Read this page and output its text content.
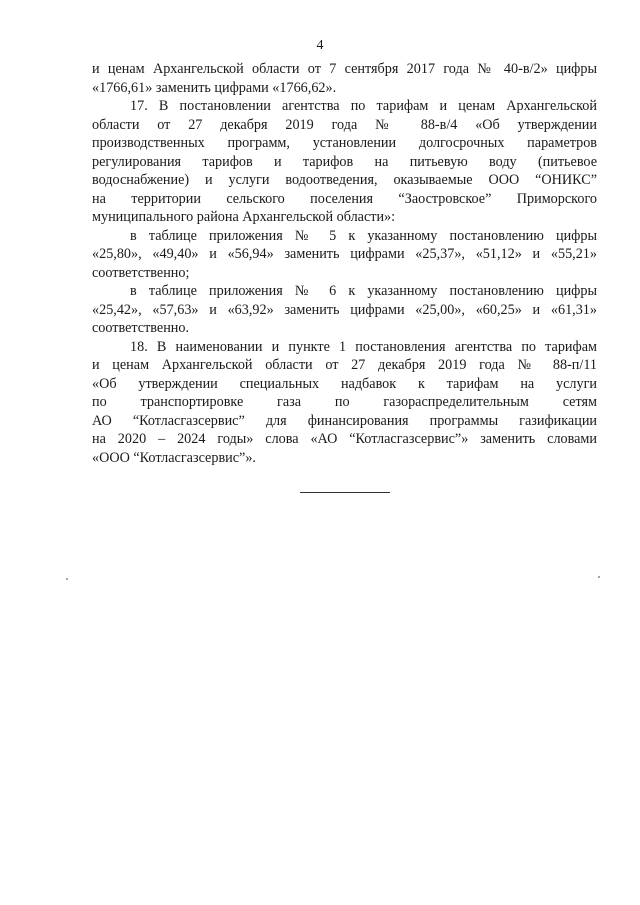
4

и ценам Архангельской области от 7 сентября 2017 года № 40-в/2» цифры
«1766,61» заменить цифрами «1766,62».

17. В постановлении агентства по тарифам и ценам Архангельской
области от 27 декабря 2019 года № 88-в/4 «Об утверждении
производственных программ, установлении долгосрочных параметров
регулирования тарифов и тарифов на питьевую воду (питьевое
водоснабжение) и услуги водоотведения, оказываемые ООО “ОНИКС”
на территории сельского поселения “Заостровское” Приморского
муниципального района Архангельской области»:

в таблице приложения № 5 к указанному постановлению цифры
«25,80», «49,40» и «56,94» заменить цифрами «25,37», «51,12» и «55,21»
соответственно;

в таблице приложения № 6 к указанному постановлению цифры
«25,42», «57,63» и «63,92» заменить цифрами «25,00», «60,25» и «61,31»
соответственно.

18. В наименовании и пункте 1 постановления агентства по тарифам
и ценам Архангельской области от 27 декабря 2019 года № 88-п/11
«Об утверждении специальных надбавок к тарифам на услуги
по транспортировке газа по газораспределительным сетям
АО “Котласгазсервис” для финансирования программы газификации
на 2020 – 2024 годы» слова «АО “Котласгазсервис”» заменить словами
«ООО “Котласгазсервис”».
